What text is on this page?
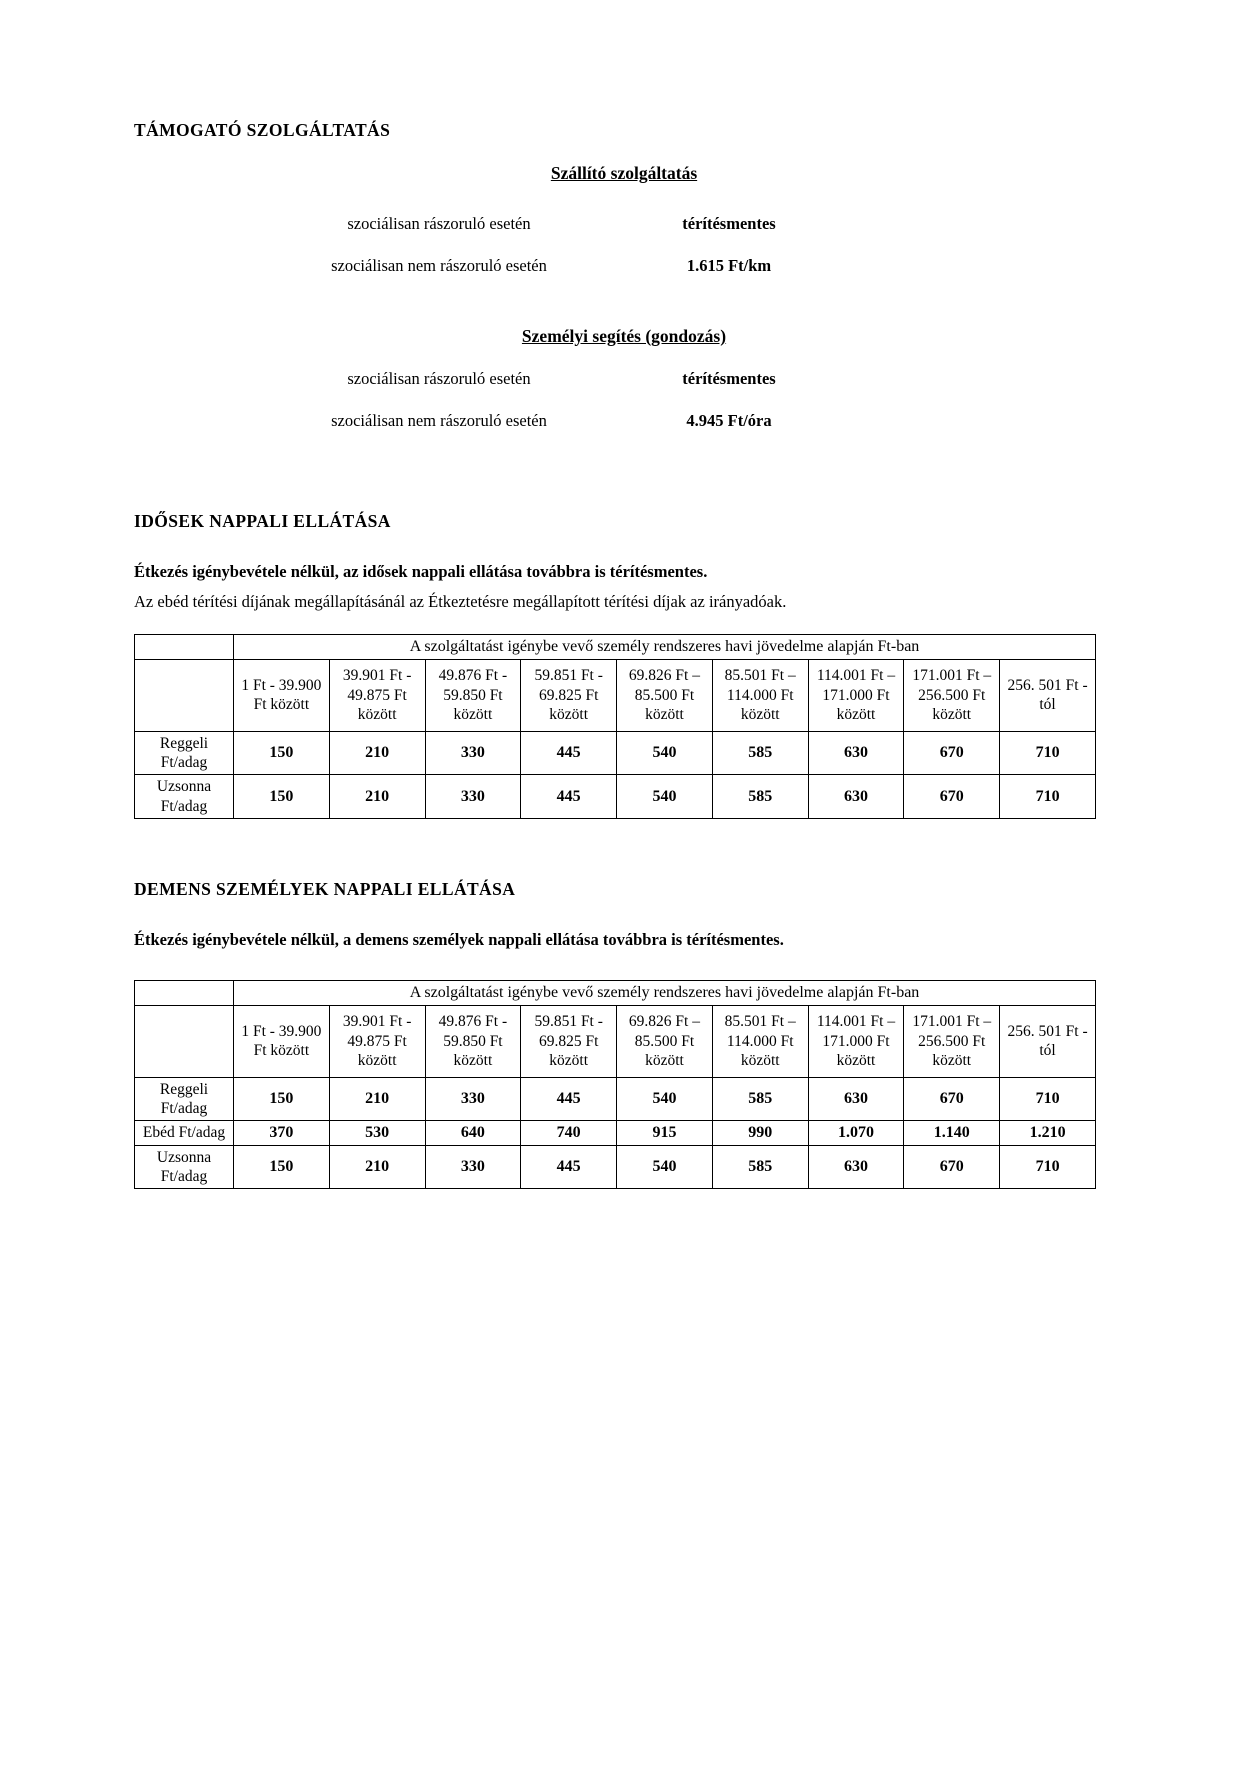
TÁMOGATÓ SZOLGÁLTATÁS
Szállító szolgáltatás
szociálisan rászoruló esetén	térítésmentes
szociálisan nem rászoruló esetén	1.615 Ft/km
Személyi segítés (gondozás)
szociálisan rászoruló esetén	térítésmentes
szociálisan nem rászoruló esetén	4.945 Ft/óra
IDŐSEK NAPPALI ELLÁTÁSA

Étkezés igénybevétele nélkül, az idősek nappali ellátása továbbra is térítésmentes.

Az ebéd térítési díjának megállapításánál az Étkeztetésre megállapított térítési díjak az irányadóak.

	A szolgáltatást igénybe vevő személy rendszeres havi jövedelme alapján Ft-ban								
	1 Ft - 39.900 Ft között	39.901 Ft - 49.875 Ft között	49.876 Ft - 59.850 Ft között	59.851 Ft - 69.825 Ft között	69.826 Ft – 85.500 Ft között	85.501 Ft – 114.000 Ft között	114.001 Ft – 171.000 Ft között	171.001 Ft – 256.500 Ft között	256. 501 Ft - tól
Reggeli Ft/adag	150	210	330	445	540	585	630	670	710
Uzsonna Ft/adag	150	210	330	445	540	585	630	670	710
DEMENS SZEMÉLYEK NAPPALI ELLÁTÁSA

Étkezés igénybevétele nélkül, a demens személyek nappali ellátása továbbra is térítésmentes.

	A szolgáltatást igénybe vevő személy rendszeres havi jövedelme alapján Ft-ban								
	1 Ft - 39.900 Ft között	39.901 Ft - 49.875 Ft között	49.876 Ft - 59.850 Ft között	59.851 Ft - 69.825 Ft között	69.826 Ft – 85.500 Ft között	85.501 Ft – 114.000 Ft között	114.001 Ft – 171.000 Ft között	171.001 Ft – 256.500 Ft között	256. 501 Ft - tól
Reggeli Ft/adag	150	210	330	445	540	585	630	670	710
Ebéd Ft/adag	370	530	640	740	915	990	1.070	1.140	1.210
Uzsonna Ft/adag	150	210	330	445	540	585	630	670	710
